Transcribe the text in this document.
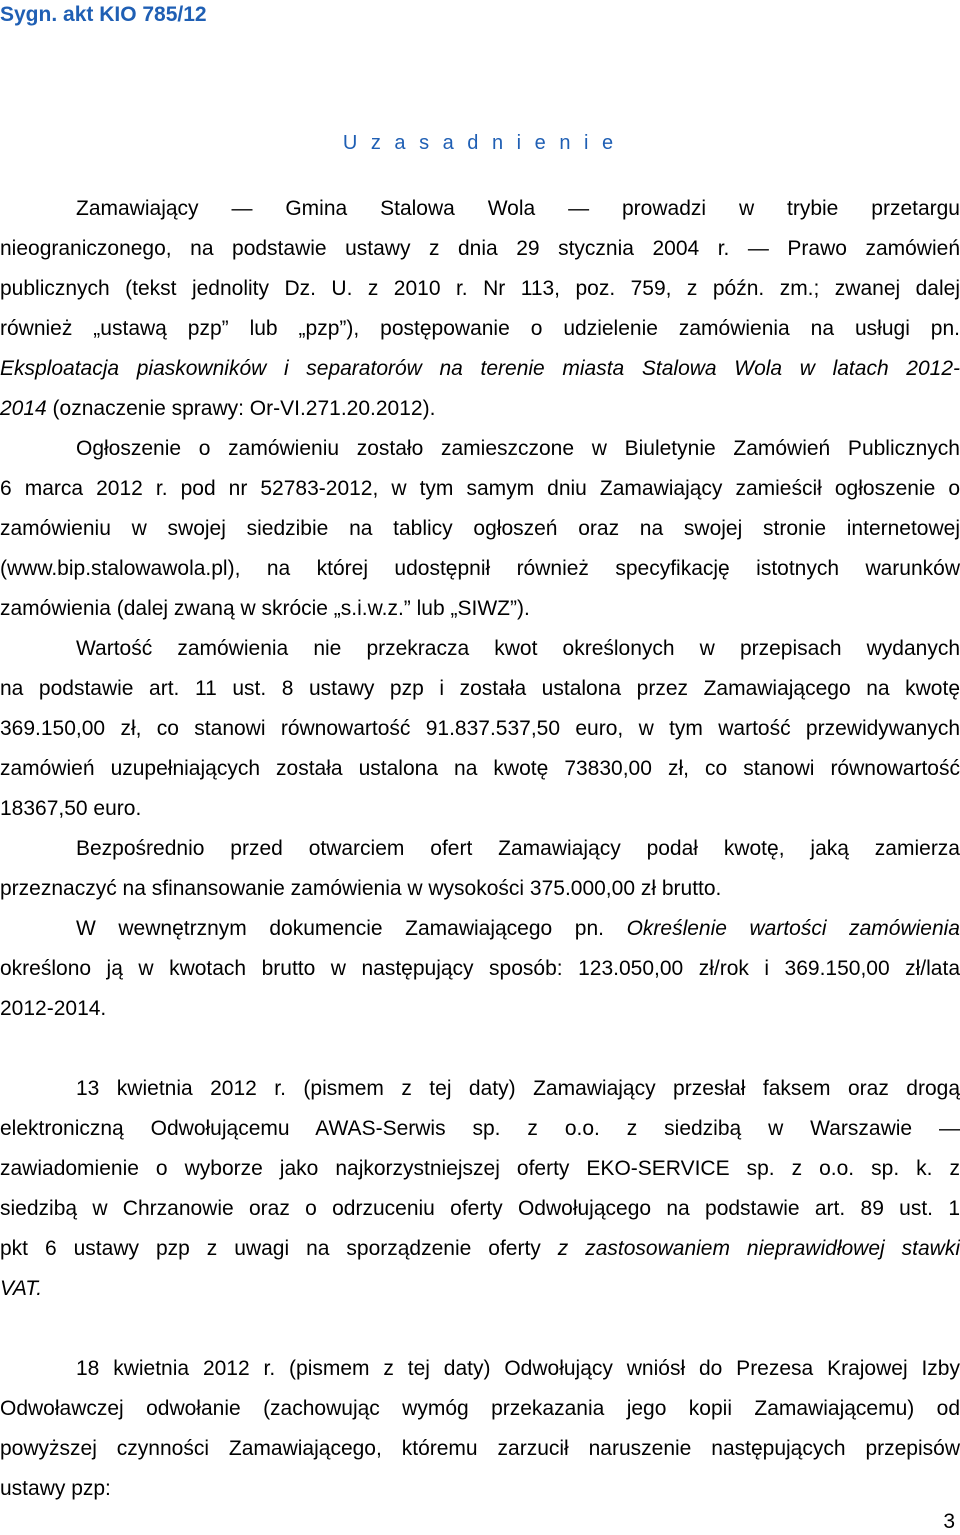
Sygn. akt KIO 785/12
U z a s a d n i e n i e
Zamawiający — Gmina Stalowa Wola — prowadzi w trybie przetargu
nieograniczonego, na podstawie ustawy z dnia 29 stycznia 2004 r. — Prawo zamówień
publicznych (tekst jednolity Dz. U. z 2010 r. Nr 113, poz. 759, z późn. zm.; zwanej dalej
również „ustawą pzp” lub „pzp”), postępowanie o udzielenie zamówienia na usługi pn.
Eksploatacja piaskowników i separatorów na terenie miasta Stalowa Wola w latach 2012-
2014 (oznaczenie sprawy: Or-VI.271.20.2012).
Ogłoszenie o zamówieniu zostało zamieszczone w Biuletynie Zamówień Publicznych
6 marca 2012 r. pod nr 52783-2012, w tym samym dniu Zamawiający zamieścił ogłoszenie o
zamówieniu w swojej siedzibie na tablicy ogłoszeń oraz na swojej stronie internetowej
(www.bip.stalowawola.pl), na której udostępnił również specyfikację istotnych warunków
zamówienia (dalej zwaną w skrócie „s.i.w.z.” lub „SIWZ”).
Wartość zamówienia nie przekracza kwot określonych w przepisach wydanych
na podstawie art. 11 ust. 8 ustawy pzp i została ustalona przez Zamawiającego na kwotę
369.150,00 zł, co stanowi równowartość 91.837.537,50 euro, w tym wartość przewidywanych
zamówień uzupełniających została ustalona na kwotę 73830,00 zł, co stanowi równowartość
18367,50 euro.
Bezpośrednio przed otwarciem ofert Zamawiający podał kwotę, jaką zamierza
przeznaczyć na sfinansowanie zamówienia w wysokości 375.000,00 zł brutto.
W wewnętrznym dokumencie Zamawiającego pn. Określenie wartości zamówienia
określono ją w kwotach brutto w następujący sposób: 123.050,00 zł/rok i 369.150,00 zł/lata
2012-2014.
13 kwietnia 2012 r. (pismem z tej daty) Zamawiający przesłał faksem oraz drogą
elektroniczną Odwołującemu AWAS-Serwis sp. z o.o. z siedzibą w Warszawie —
zawiadomienie o wyborze jako najkorzystniejszej oferty EKO-SERVICE sp. z o.o. sp. k. z
siedzibą w Chrzanowie oraz o odrzuceniu oferty Odwołującego na podstawie art. 89 ust. 1
pkt 6 ustawy pzp z uwagi na sporządzenie oferty z zastosowaniem nieprawidłowej stawki
VAT.
18 kwietnia 2012 r. (pismem z tej daty) Odwołujący wniósł do Prezesa Krajowej Izby
Odwoławczej odwołanie (zachowując wymóg przekazania jego kopii Zamawiającemu) od
powyższej czynności Zamawiającego, któremu zarzucił naruszenie następujących przepisów
ustawy pzp:
3
